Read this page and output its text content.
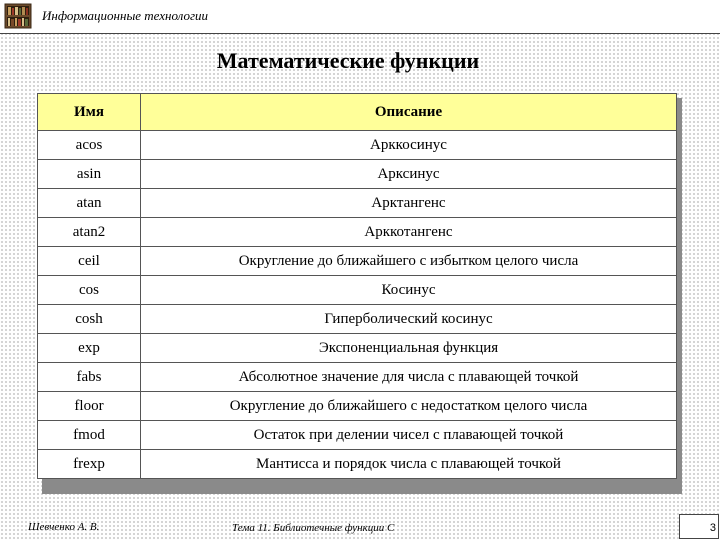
Информационные технологии
Математические функции
Имя	Описание
acos	Арккосинус
asin	Арксинус
atan	Арктангенс
atan2	Арккотангенс
ceil	Округление до ближайшего с избытком целого числа
cos	Косинус
cosh	Гиперболический косинус
exp	Экспоненциальная функция
fabs	Абсолютное значение для числа с плавающей точкой
floor	Округление до ближайшего с недостатком целого числа
fmod	Остаток при делении чисел с плавающей точкой
frexp	Мантисса и порядок числа с плавающей точкой
Шевченко А. В.	Тема 11. Библиотечные функции С	3
